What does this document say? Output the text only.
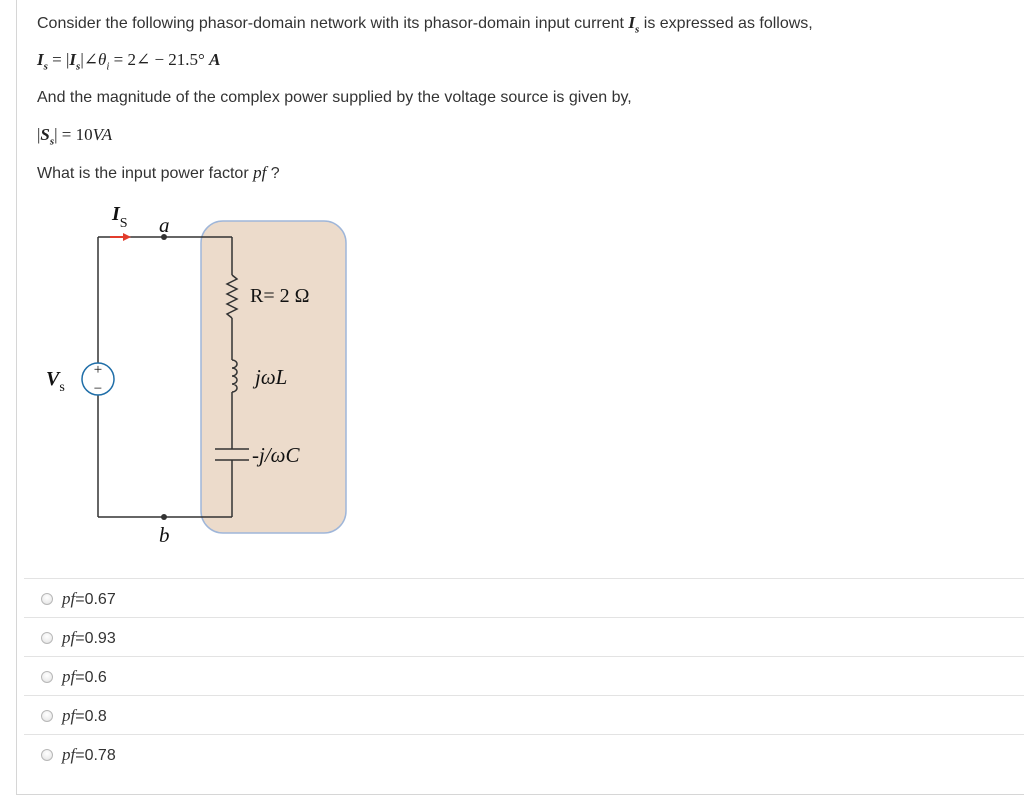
Consider the following phasor-domain network with its phasor-domain input current $I_s$ is expressed as follows,
$I_s$ = $|I_s|\angle\theta_i$ = 2∠ − 21.5° A
And the magnitude of the complex power supplied by the voltage source is given by,
$|S_s| = 10VA$
What is the input power factor pf ?
+
−
$I_S$ a
b
$V_s$
R= 2 Ω
jωL
-j/ωC
pf=0.67
pf=0.93
pf=0.6
pf=0.8
pf=0.78
